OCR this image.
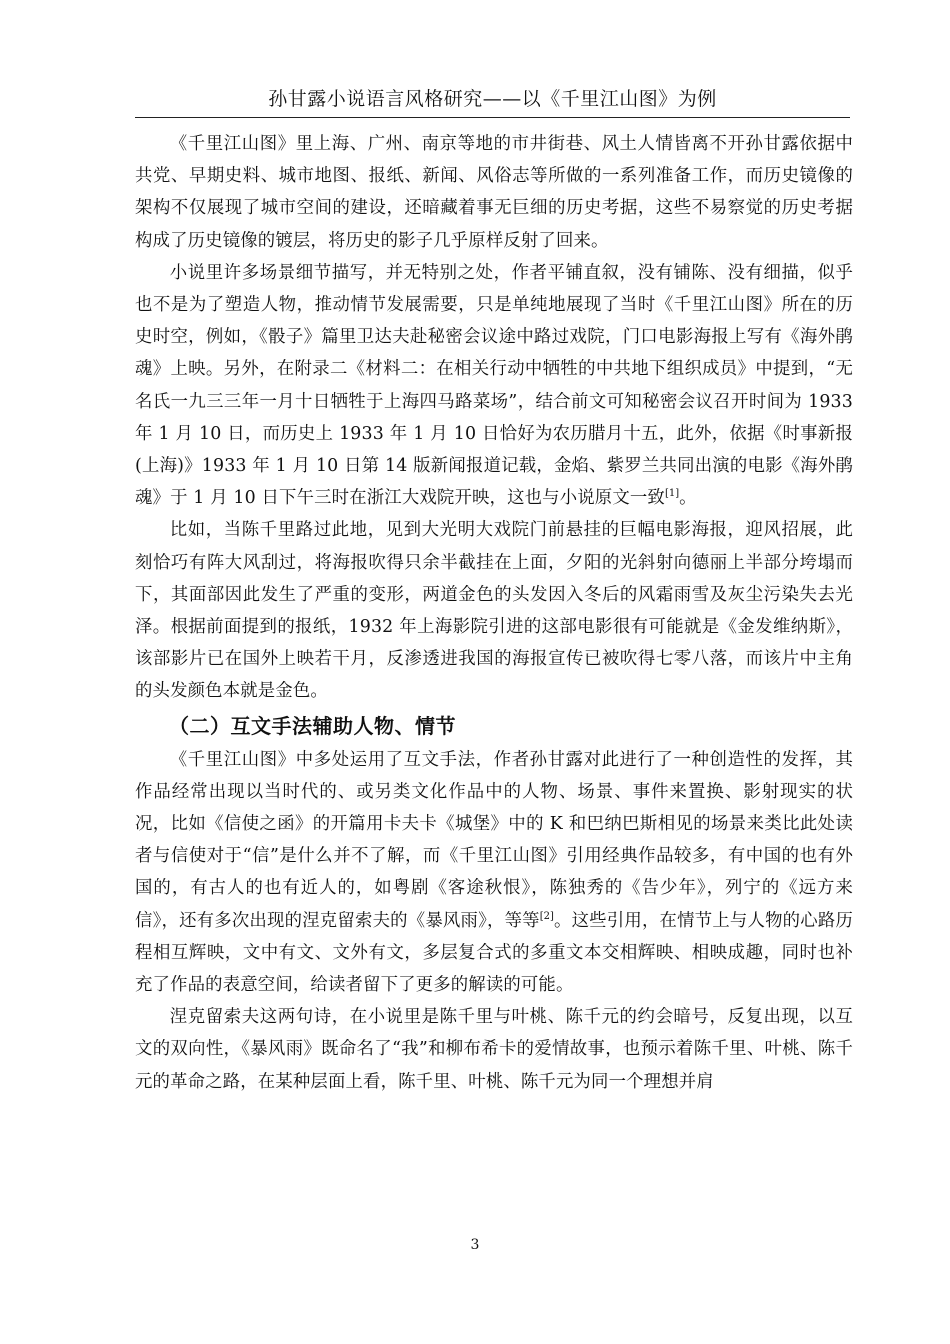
孙甘露小说语言风格研究——以《千里江山图》为例

《千里江山图》里上海、广州、南京等地的市井街巷、风土人情皆离不开孙甘露依据中共党、早期史料、城市地图、报纸、新闻、风俗志等所做的一系列准备工作，而历史镜像的架构不仅展现了城市空间的建设，还暗藏着事无巨细的历史考据，这些不易察觉的历史考据构成了历史镜像的镀层，将历史的影子几乎原样反射了回来。

小说里许多场景细节描写，并无特别之处，作者平铺直叙，没有铺陈、没有细描，似乎也不是为了塑造人物，推动情节发展需要，只是单纯地展现了当时《千里江山图》所在的历史时空，例如，《骰子》篇里卫达夫赴秘密会议途中路过戏院，门口电影海报上写有《海外鹃魂》上映。另外，在附录二《材料二：在相关行动中牺牲的中共地下组织成员》中提到，“无名氏一九三三年一月十日牺牲于上海四马路菜场”，结合前文可知秘密会议召开时间为 1933 年 1 月 10 日，而历史上 1933 年 1 月 10 日恰好为农历腊月十五，此外，依据《时事新报(上海)》1933 年 1 月 10 日第 14 版新闻报道记载，金焰、紫罗兰共同出演的电影《海外鹃魂》于 1 月 10 日下午三时在浙江大戏院开映，这也与小说原文一致[1]。

比如，当陈千里路过此地，见到大光明大戏院门前悬挂的巨幅电影海报，迎风招展，此刻恰巧有阵大风刮过，将海报吹得只余半截挂在上面，夕阳的光斜射向德丽上半部分垮塌而下，其面部因此发生了严重的变形，两道金色的头发因入冬后的风霜雨雪及灰尘污染失去光泽。根据前面提到的报纸，1932 年上海影院引进的这部电影很有可能就是《金发维纳斯》，该部影片已在国外上映若干月，反渗透进我国的海报宣传已被吹得七零八落，而该片中主角的头发颜色本就是金色。

（二）互文手法辅助人物、情节

《千里江山图》中多处运用了互文手法，作者孙甘露对此进行了一种创造性的发挥，其作品经常出现以当时代的、或另类文化作品中的人物、场景、事件来置换、影射现实的状况，比如《信使之函》的开篇用卡夫卡《城堡》中的 K 和巴纳巴斯相见的场景来类比此处读者与信使对于“信”是什么并不了解，而《千里江山图》引用经典作品较多，有中国的也有外国的，有古人的也有近人的，如粤剧《客途秋恨》，陈独秀的《告少年》，列宁的《远方来信》，还有多次出现的涅克留索夫的《暴风雨》，等等[2]。这些引用，在情节上与人物的心路历程相互辉映，文中有文、文外有文，多层复合式的多重文本交相辉映、相映成趣，同时也补充了作品的表意空间，给读者留下了更多的解读的可能。

涅克留索夫这两句诗，在小说里是陈千里与叶桃、陈千元的约会暗号，反复出现，以互文的双向性，《暴风雨》既命名了“我”和柳布希卡的爱情故事，也预示着陈千里、叶桃、陈千元的革命之路，在某种层面上看，陈千里、叶桃、陈千元为同一个理想并肩

3
